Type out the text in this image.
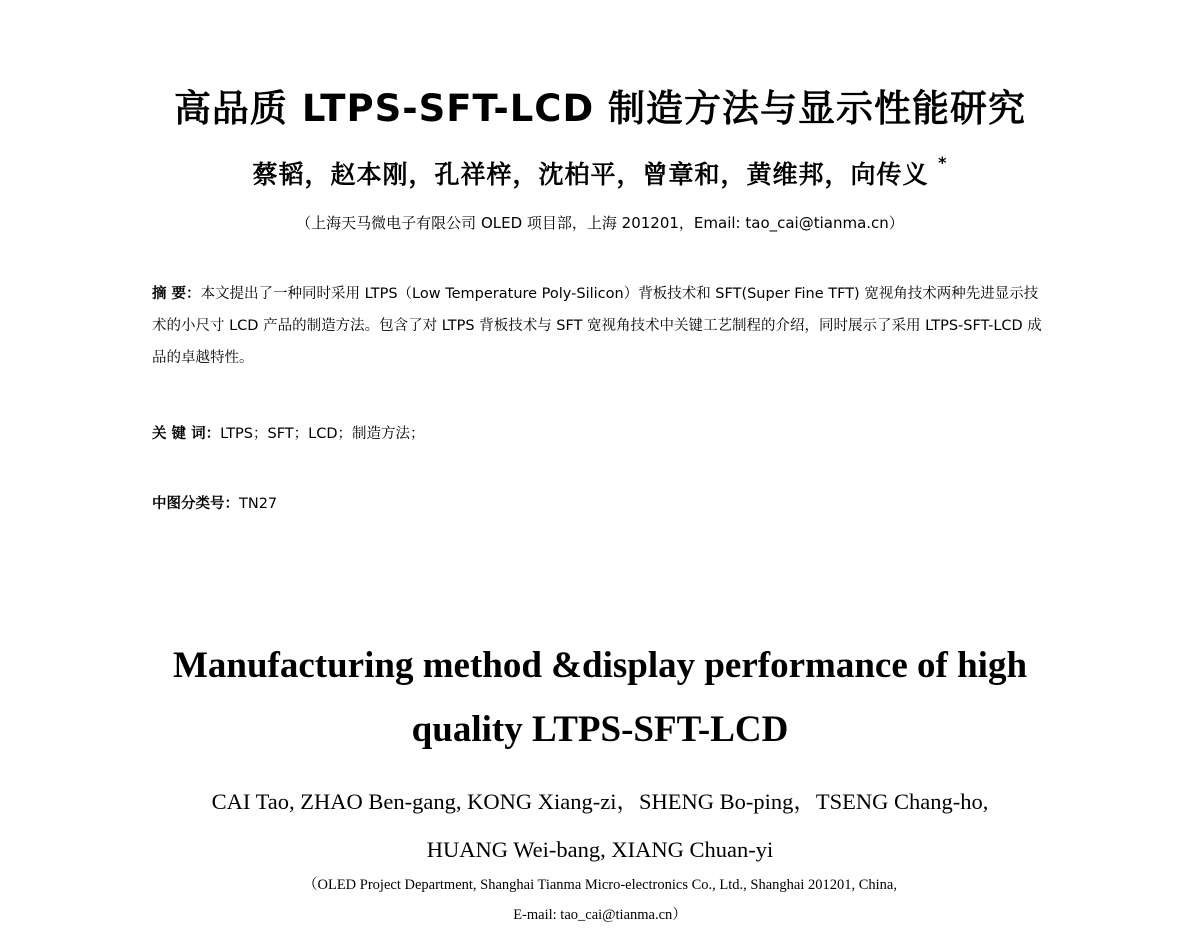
高品质 LTPS-SFT-LCD 制造方法与显示性能研究
蔡韬，赵本刚，孔祥梓，沈柏平，曾章和，黄维邦，向传义 *
（上海天马微电子有限公司 OLED 项目部，上海 201201，Email: tao_cai@tianma.cn）
摘 要：本文提出了一种同时采用 LTPS（Low Temperature Poly-Silicon）背板技术和 SFT(Super Fine TFT) 宽视角技术两种先进显示技术的小尺寸 LCD 产品的制造方法。包含了对 LTPS 背板技术与 SFT 宽视角技术中关键工艺制程的介绍，同时展示了采用 LTPS-SFT-LCD 成品的卓越特性。
关 键 词：LTPS；SFT；LCD；制造方法；
中图分类号：TN27
Manufacturing method &display performance of high
quality LTPS-SFT-LCD
CAI Tao, ZHAO Ben-gang, KONG Xiang-zi，SHENG Bo-ping，TSENG Chang-ho,
HUANG Wei-bang, XIANG Chuan-yi
（OLED Project Department, Shanghai Tianma Micro-electronics Co., Ltd., Shanghai 201201, China,
E-mail: tao_cai@tianma.cn）
